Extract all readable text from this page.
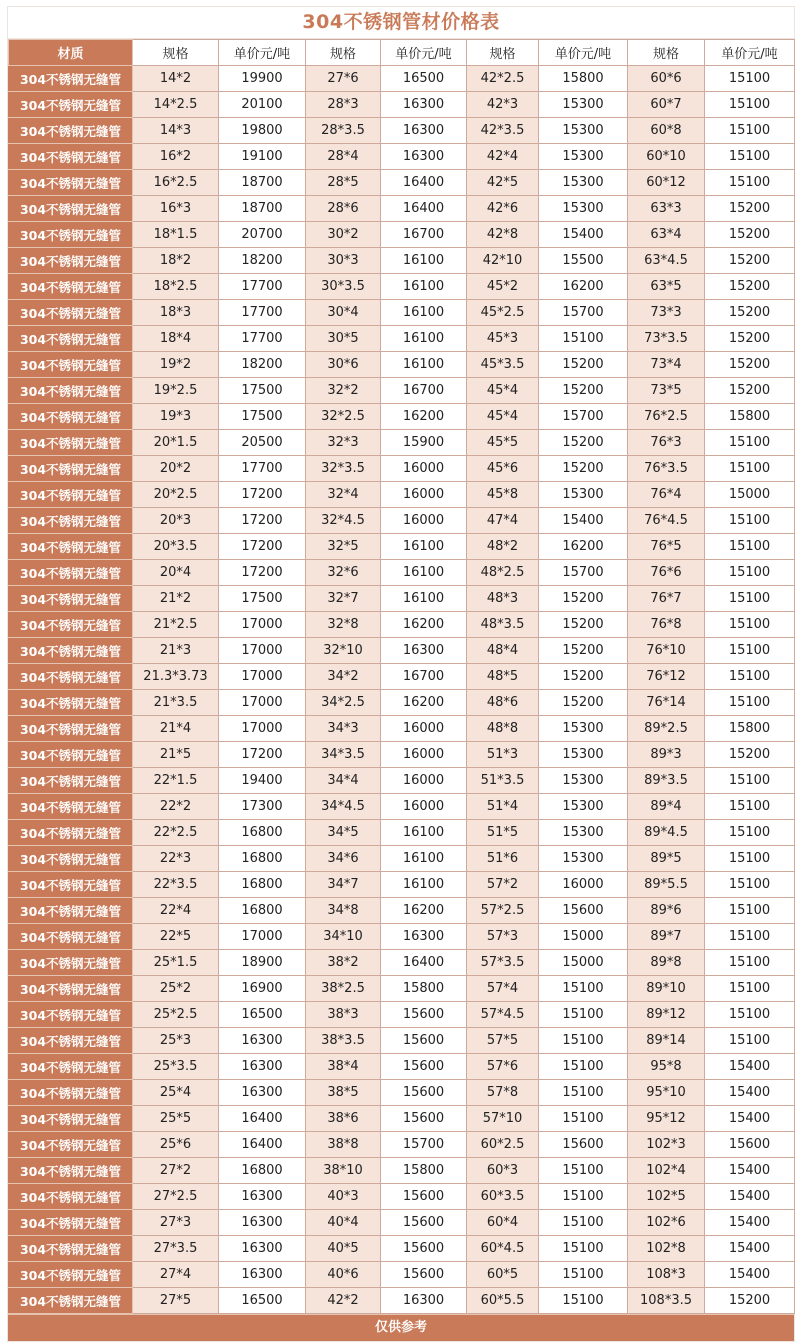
304不锈钢管材价格表
材质	规格	单价元/吨	规格	单价元/吨	规格	单价元/吨	规格	单价元/吨
304不锈钢无缝管	14*2	19900	27*6	16500	42*2.5	15800	60*6	15100
304不锈钢无缝管	14*2.5	20100	28*3	16300	42*3	15300	60*7	15100
304不锈钢无缝管	14*3	19800	28*3.5	16300	42*3.5	15300	60*8	15100
304不锈钢无缝管	16*2	19100	28*4	16300	42*4	15300	60*10	15100
304不锈钢无缝管	16*2.5	18700	28*5	16400	42*5	15300	60*12	15100
304不锈钢无缝管	16*3	18700	28*6	16400	42*6	15300	63*3	15200
304不锈钢无缝管	18*1.5	20700	30*2	16700	42*8	15400	63*4	15200
304不锈钢无缝管	18*2	18200	30*3	16100	42*10	15500	63*4.5	15200
304不锈钢无缝管	18*2.5	17700	30*3.5	16100	45*2	16200	63*5	15200
304不锈钢无缝管	18*3	17700	30*4	16100	45*2.5	15700	73*3	15200
304不锈钢无缝管	18*4	17700	30*5	16100	45*3	15100	73*3.5	15200
304不锈钢无缝管	19*2	18200	30*6	16100	45*3.5	15200	73*4	15200
304不锈钢无缝管	19*2.5	17500	32*2	16700	45*4	15200	73*5	15200
304不锈钢无缝管	19*3	17500	32*2.5	16200	45*4	15700	76*2.5	15800
304不锈钢无缝管	20*1.5	20500	32*3	15900	45*5	15200	76*3	15100
304不锈钢无缝管	20*2	17700	32*3.5	16000	45*6	15200	76*3.5	15100
304不锈钢无缝管	20*2.5	17200	32*4	16000	45*8	15300	76*4	15000
304不锈钢无缝管	20*3	17200	32*4.5	16000	47*4	15400	76*4.5	15100
304不锈钢无缝管	20*3.5	17200	32*5	16100	48*2	16200	76*5	15100
304不锈钢无缝管	20*4	17200	32*6	16100	48*2.5	15700	76*6	15100
304不锈钢无缝管	21*2	17500	32*7	16100	48*3	15200	76*7	15100
304不锈钢无缝管	21*2.5	17000	32*8	16200	48*3.5	15200	76*8	15100
304不锈钢无缝管	21*3	17000	32*10	16300	48*4	15200	76*10	15100
304不锈钢无缝管	21.3*3.73	17000	34*2	16700	48*5	15200	76*12	15100
304不锈钢无缝管	21*3.5	17000	34*2.5	16200	48*6	15200	76*14	15100
304不锈钢无缝管	21*4	17000	34*3	16000	48*8	15300	89*2.5	15800
304不锈钢无缝管	21*5	17200	34*3.5	16000	51*3	15300	89*3	15200
304不锈钢无缝管	22*1.5	19400	34*4	16000	51*3.5	15300	89*3.5	15100
304不锈钢无缝管	22*2	17300	34*4.5	16000	51*4	15300	89*4	15100
304不锈钢无缝管	22*2.5	16800	34*5	16100	51*5	15300	89*4.5	15100
304不锈钢无缝管	22*3	16800	34*6	16100	51*6	15300	89*5	15100
304不锈钢无缝管	22*3.5	16800	34*7	16100	57*2	16000	89*5.5	15100
304不锈钢无缝管	22*4	16800	34*8	16200	57*2.5	15600	89*6	15100
304不锈钢无缝管	22*5	17000	34*10	16300	57*3	15000	89*7	15100
304不锈钢无缝管	25*1.5	18900	38*2	16400	57*3.5	15000	89*8	15100
304不锈钢无缝管	25*2	16900	38*2.5	15800	57*4	15100	89*10	15100
304不锈钢无缝管	25*2.5	16500	38*3	15600	57*4.5	15100	89*12	15100
304不锈钢无缝管	25*3	16300	38*3.5	15600	57*5	15100	89*14	15100
304不锈钢无缝管	25*3.5	16300	38*4	15600	57*6	15100	95*8	15400
304不锈钢无缝管	25*4	16300	38*5	15600	57*8	15100	95*10	15400
304不锈钢无缝管	25*5	16400	38*6	15600	57*10	15100	95*12	15400
304不锈钢无缝管	25*6	16400	38*8	15700	60*2.5	15600	102*3	15600
304不锈钢无缝管	27*2	16800	38*10	15800	60*3	15100	102*4	15400
304不锈钢无缝管	27*2.5	16300	40*3	15600	60*3.5	15100	102*5	15400
304不锈钢无缝管	27*3	16300	40*4	15600	60*4	15100	102*6	15400
304不锈钢无缝管	27*3.5	16300	40*5	15600	60*4.5	15100	102*8	15400
304不锈钢无缝管	27*4	16300	40*6	15600	60*5	15100	108*3	15400
304不锈钢无缝管	27*5	16500	42*2	16300	60*5.5	15100	108*3.5	15200
仅供参考
